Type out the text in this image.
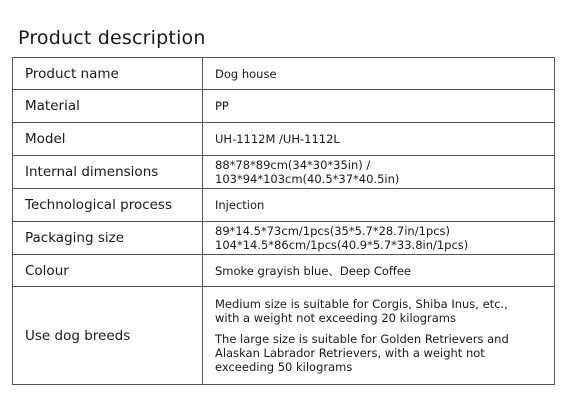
Product description
Product name	Dog house
Material	PP
Model	UH-1112M /UH-1112L
Internal dimensions	88*78*89cm(34*30*35in) / 103*94*103cm(40.5*37*40.5in)
Technological process	Injection
Packaging size	89*14.5*73cm/1pcs(35*5.7*28.7in/1pcs)
104*14.5*86cm/1pcs(40.9*5.7*33.8in/1pcs)

Colour	Smoke grayish blue、Deep Coffee
Use dog breeds	Medium size is suitable for Corgis, Shiba Inus, etc.,
with a weight not exceeding 20 kilograms
The large size is suitable for Golden Retrievers and
Alaskan Labrador Retrievers, with a weight not
exceeding 50 kilograms
